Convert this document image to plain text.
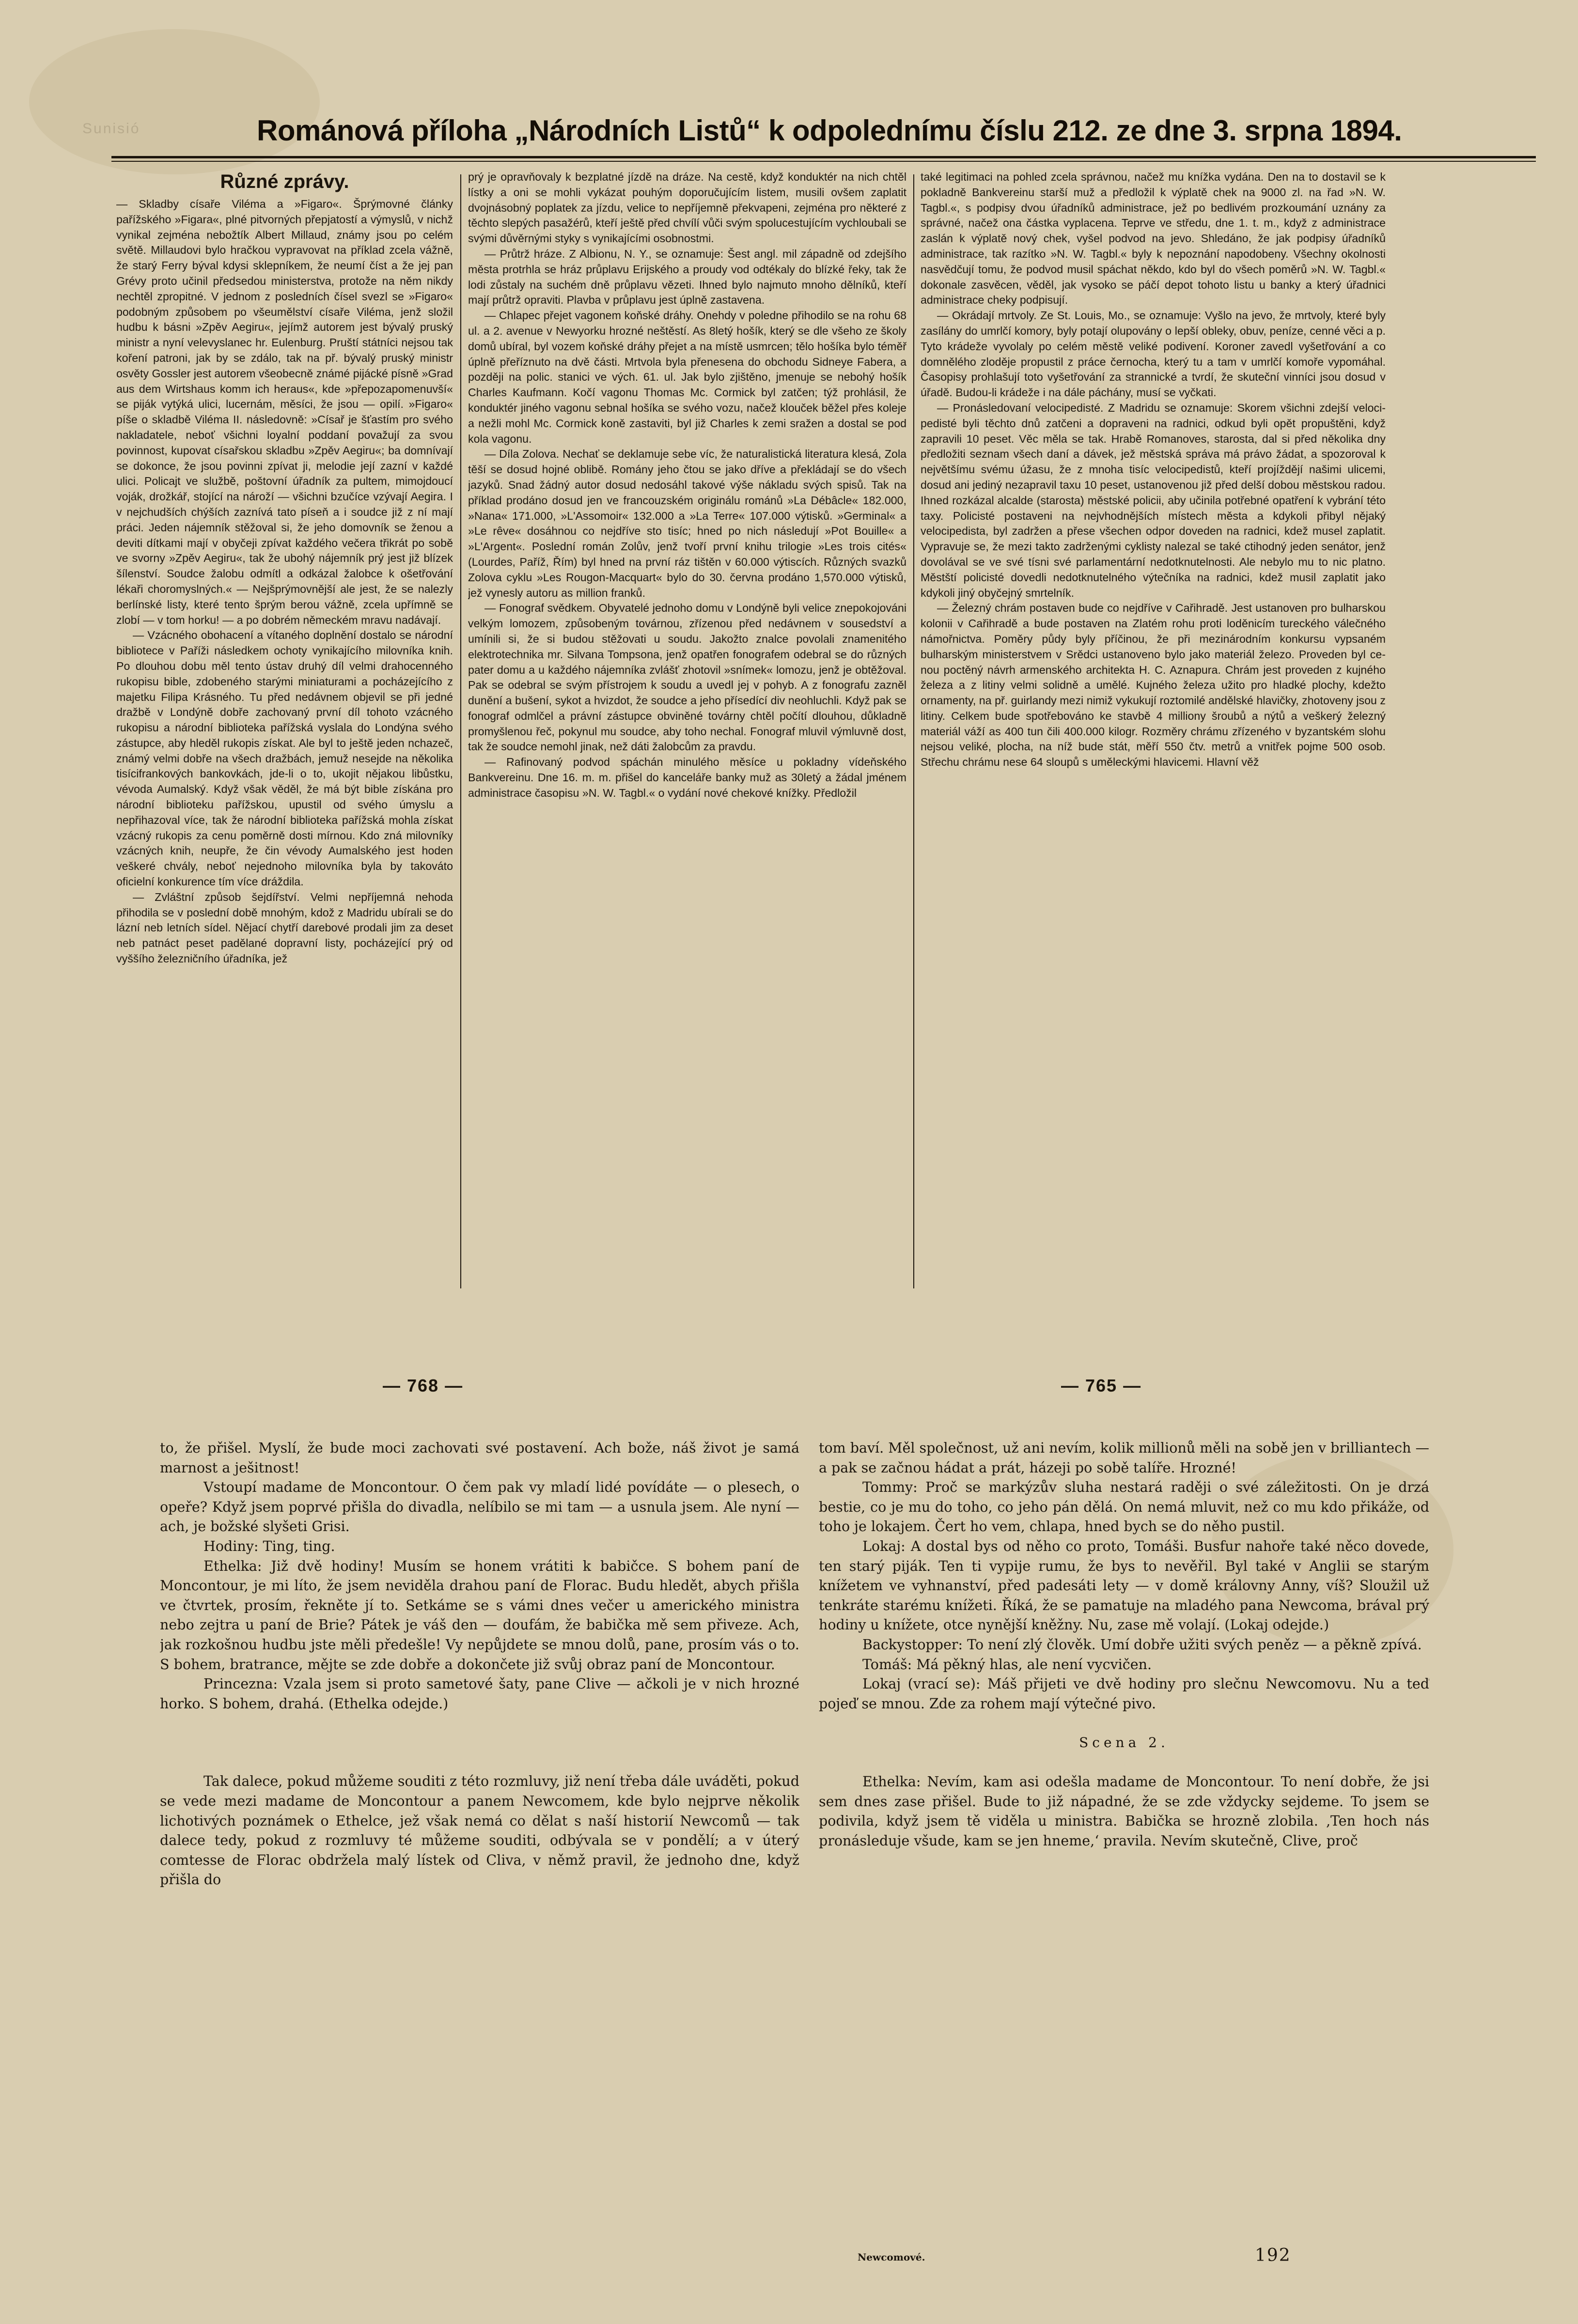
Sunisió	Románová příloha „Národních Listů“ k odpolednímu číslu 212. ze dne 3. srpna 1894.
Různé zprávy.

— Skladby císaře Viléma a »Figaro«. Šprýmovné články pařížského »Figara«, plné pitvorných přepjatostí a výmyslů, v nichž vynikal zejména nebožtík Albert Millaud, známy jsou po celém světě. Millaudovi bylo hračkou vypravovat na příklad zcela vážně, že starý Ferry býval kdysi sklepníkem, že neumí číst a že jej pan Grévy proto učinil předsedou ministerstva, protože na něm nikdy nechtěl zpropitné. V jednom z posledních čísel svezl se »Figaro« podobným způsobem po všeumělství císaře Viléma, jenž složil hudbu k básni »Zpěv Aegiru«, jejímž autorem jest bývalý pruský ministr a nyní velevyslanec hr. Eulenburg. Pruští státníci nejsou tak koření patroni, jak by se zdálo, tak na př. bývalý pruský ministr osvěty Gossler jest autorem všeobecně známé pijácké písně »Grad aus dem Wirtshaus komm ich heraus«, kde »přepozapomenuvší« se piják vytýká ulici, lucernám, měsíci, že jsou — opilí. »Figaro« píše o skladbě Viléma II. následovně: »Císař je šťastím pro svého nakladatele, neboť všichni loyalní poddaní považují za svou povinnost, kupovat císařskou skladbu »Zpěv Aegiru«; ba domnívají se dokonce, že jsou povinni zpívat ji, melodie její zazní v každé ulici. Policajt ve službě, poštovní úřadník za pultem, mimojdoucí voják, drožkář, stojící na nároží — všichni bzučíce vzývají Aegira. I v nejchudších chýších zaznívá tato píseň a i soudce již z ní mají práci. Jeden nájemník stěžoval si, že jeho domovník se ženou a deviti dítkami mají v obyčeji zpívat každého večera třikrát po sobě ve svorny »Zpěv Aegiru«, tak že ubohý nájemník prý jest již blízek šílenství. Soudce žalobu odmítl a odkázal žalobce k ošetřování lékaři choromyslných.« — Nejšprýmovnější ale jest, že se nalezly berlínské listy, které tento šprým berou vážně, zcela upřímně se zlobí — v tom horku! — a po dobrém německém mravu nadávají.

— Vzácného obohacení a vítaného doplnění dostalo se národní bibliotece v Paříži následkem ochoty vynikajícího milovníka knih. Po dlouhou dobu měl tento ústav druhý díl velmi drahocenného rukopisu bible, zdobeného starými miniaturami a pocházejícího z majetku Filipa Krásného. Tu před nedávnem objevil se při jedné dražbě v Londýně dobře zachovaný první díl tohoto vzácného rukopisu a národní biblioteka pařížská vyslala do Londýna svého zástupce, aby hleděl rukopis získat. Ale byl to ještě jeden nchazeč, známý velmi dobře na všech dražbách, jemuž nesejde na několika tisícifrankových bankovkách, jde-li o to, ukojit nějakou libůstku, vévoda Aumalský. Když však věděl, že má být bible získána pro národní biblioteku pařížskou, upustil od svého úmyslu a nepřihazoval více, tak že národní biblioteka pařížská mohla získat vzácný rukopis za cenu poměrně dosti mírnou. Kdo zná milovníky vzácných knih, neupře, že čin vévody Aumalského jest hoden veškeré chvály, neboť nejednoho milovníka byla by takováto oficielní konkurence tím více dráždila.

— Zvláštní způsob šejdířství. Velmi nepříjemná nehoda přihodila se v poslední době mnohým, kdož z Madridu ubírali se do lázní neb letních sídel. Nějací chytří darebové prodali jim za deset neb patnáct peset padělané dopravní listy, pocházející prý od vyššího železničního úřadníka, jež

prý je opravňovaly k bezplatné jízdě na dráze. Na cestě, když konduktér na nich chtěl lístky a oni se mohli vykázat pouhým doporučujícím listem, musili ovšem zaplatit dvojnásobný poplatek za jízdu, velice to nepříjemně překvapeni, zejména pro některé z těchto slepých pasažérů, kteří ještě před chvílí vůči svým spolucestujícím vychloubali se svými důvěrnými styky s vynikajícími osobnostmi.

— Průtrž hráze. Z Albionu, N. Y., se oznamuje: Šest angl. mil západně od zdejšího města protrhla se hráz průplavu Erijského a proudy vod odtékaly do blízké řeky, tak že lodi zůstaly na suchém dně průplavu vězeti. Ihned bylo najmuto mnoho dělníků, kteří mají průtrž opraviti. Plavba v průplavu jest úplně zastavena.

— Chlapec přejet vagonem koňské dráhy. Onehdy v poledne přihodilo se na rohu 68 ul. a 2. avenue v Newyorku hrozné neštěstí. As 8letý hošík, který se dle všeho ze školy domů ubíral, byl vozem koňské dráhy přejet a na místě usmrcen; tělo hošíka bylo téměř úplně přeříznuto na dvě části. Mrtvola byla přenesena do obchodu Sidneye Fabera, a později na polic. stanici ve vých. 61. ul. Jak bylo zjištěno, jmenuje se nebohý hošík Charles Kaufmann. Kočí vagonu Thomas Mc. Cormick byl zatčen; týž prohlásil, že konduktér jiného vagonu sebnal hošíka se svého vozu, načež klouček běžel přes koleje a nežli mohl Mc. Cormick koně zastaviti, byl již Charles k zemi sražen a dostal se pod kola vagonu.

— Díla Zolova. Nechať se deklamuje sebe víc, že naturalistická literatura klesá, Zola těší se dosud hojné oblibě. Romány jeho čtou se jako dříve a překládají se do všech jazyků. Snad žádný autor dosud nedosáhl takové výše nákladu svých spisů. Tak na příklad prodáno dosud jen ve francouzském originálu románů »La Débâcle« 182.000, »Nana« 171.000, »L'Assomoir« 132.000 a »La Terre« 107.000 výtisků. »Germinal« a »Le rêve« dosáhnou co nejdříve sto tisíc; hned po nich následují »Pot Bouille« a »L'Argent«. Poslední román Zolův, jenž tvoří první knihu trilogie »Les trois cités« (Lourdes, Paříž, Řím) byl hned na první ráz tištěn v 60.000 výtiscích. Různých svazků Zolova cyklu »Les Rougon-Macquart« bylo do 30. června prodáno 1,570.000 výtisků, jež vynesly autoru as million franků.

— Fonograf svědkem. Obyvatelé jednoho domu v Londýně byli velice znepokojováni velkým lomozem, způsobeným továrnou, zřízenou před nedávnem v sousedství a umínili si, že si budou stěžovati u soudu. Jakožto znalce povolali znamenitého elektrotechnika mr. Silvana Tompsona, jenž opatřen fonografem odebral se do různých pater domu a u každého nájemníka zvlášť zhotovil »snímek« lomozu, jenž je obtěžoval. Pak se odebral se svým přístrojem k soudu a uvedl jej v pohyb. A z fonografu zazněl dunění a bušení, sykot a hvizdot, že soudce a jeho přísedící div neohluchli. Když pak se fonograf odmlčel a právní zástupce obviněné továrny chtěl počítí dlouhou, důkladně promyšlenou řeč, pokynul mu soudce, aby toho nechal. Fonograf mluvil výmluvně dost, tak že soudce nemohl jinak, než dáti žalobcům za pravdu.

— Rafinovaný podvod spáchán minulého měsíce u pokladny vídeňského Bankvereinu. Dne 16. m. m. přišel do kanceláře banky muž as 30letý a žádal jménem administrace časopisu »N. W. Tagbl.« o vydání nové chekové knížky. Předložil

také legitimaci na pohled zcela správnou, načež mu knížka vydána. Den na to dostavil se k pokladně Bankvereinu starší muž a předložil k výplatě chek na 9000 zl. na řad »N. W. Tagbl.«, s podpisy dvou úřadníků administrace, jež po bedlivém prozkoumání uznány za správné, načež ona částka vyplacena. Teprve ve středu, dne 1. t. m., když z administrace zaslán k výplatě nový chek, vyšel podvod na jevo. Shledáno, že jak podpisy úřadníků administrace, tak razítko »N. W. Tagbl.« byly k nepoznání napodobeny. Všechny okolnosti nasvědčují tomu, že podvod musil spáchat někdo, kdo byl do všech poměrů »N. W. Tagbl.« dokonale zasvěcen, věděl, jak vysoko se páčí depot tohoto listu u banky a který úřadnici administrace cheky podpisují.

— Okrádají mrtvoly. Ze St. Louis, Mo., se oznamuje: Vyšlo na jevo, že mrtvoly, které byly zasílány do umrlčí komory, byly potají olupovány o lepší obleky, obuv, peníze, cenné věci a p. Tyto krádeže vyvolaly po celém městě veliké podivení. Koroner zavedl vyšetřování a co domnělého zloděje propustil z práce černocha, který tu a tam v umrlčí komoře vypomáhal. Časopisy prohlašují toto vyšetřování za strannické a tvrdí, že skuteční vinníci jsou dosud v úřadě. Budou-li krádeže i na dále páchány, musí se vyčkati.

— Pronásledovaní velocipedisté. Z Madridu se oznamuje: Skorem všichni zdejší velocipedisté byli těchto dnů zatčeni a dopraveni na radnici, odkud byli opět propuštěni, když zapravili 10 peset. Věc měla se tak. Hrabě Romanoves, starosta, dal si před několika dny předložiti seznam všech daní a dávek, jež městská správa má právo žádat, a spozoroval k největšímu svému úžasu, že z mnoha tisíc velocipedistů, kteří projíždějí našimi ulicemi, dosud ani jediný nezapravil taxu 10 peset, ustanovenou již před delší dobou městskou radou. Ihned rozkázal alcalde (starosta) městské policii, aby učinila potřebné opatření k vybrání této taxy. Policisté postaveni na nejvhodnějších místech města a kdykoli přibyl nějaký velocipedista, byl zadržen a přese všechen odpor doveden na radnici, kdež musel zaplatit. Vypravuje se, že mezi takto zadrženými cyklisty nalezal se také ctihodný jeden senátor, jenž dovolával se ve své tísni své parlamentární nedotknutelnosti. Ale nebylo mu to nic platno. Městští policisté dovedli nedotknutelného výtečníka na radnici, kdež musil zaplatit jako kdykoli jiný obyčejný smrtelník.

— Železný chrám postaven bude co nejdříve v Cařihradě. Jest ustanoven pro bulharskou kolonii v Cařihradě a bude postaven na Zlatém rohu proti loděnicím tureckého válečného námořnictva. Poměry půdy byly příčinou, že při mezinárodním konkursu vypsaném bulharským ministerstvem v Srědci ustanoveno bylo jako materiál železo. Proveden byl cenou poctěný návrh armenského architekta H. C. Aznapura. Chrám jest proveden z kujného železa a z litiny velmi solidně a umělé. Kujného železa užito pro hladké plochy, kdežto ornamenty, na př. guirlandy mezi nimiž vykukují roztomilé andělské hlavičky, zhotoveny jsou z litiny. Celkem bude spotřebováno ke stavbě 4 milliony šroubů a nýtů a veškerý železný materiál váží as 400 tun čili 400.000 kilogr. Rozměry chrámu zřízeného v byzantském slohu nejsou veliké, plocha, na níž bude stát, měří 550 čtv. metrů a vnitřek pojme 500 osob. Střechu chrámu nese 64 sloupů s uměleckými hlavicemi. Hlavní věž

— 768 —	— 765 —

to, že přišel. Myslí, že bude moci zachovati své postavení. Ach bože, náš život je samá marnost a ješitnost!

Vstoupí madame de Moncontour. O čem pak vy mladí lidé povídáte — o plesech, o opeře? Když jsem poprvé přišla do divadla, nelíbilo se mi tam — a usnula jsem. Ale nyní — ach, je božské slyšeti Grisi.

Hodiny: Ting, ting.

Ethelka: Již dvě hodiny! Musím se honem vrátiti k babičce. S bohem paní de Moncontour, je mi líto, že jsem neviděla drahou paní de Florac. Budu hledět, abych přišla ve čtvrtek, prosím, řekněte jí to. Setkáme se s vámi dnes večer u amerického ministra nebo zejtra u paní de Brie? Pátek je váš den — doufám, že babička mě sem přiveze. Ach, jak rozkošnou hudbu jste měli předešle! Vy nepůjdete se mnou dolů, pane, prosím vás o to. S bohem, bratrance, mějte se zde dobře a dokončete již svůj obraz paní de Moncontour.

Princezna: Vzala jsem si proto sametové šaty, pane Clive — ačkoli je v nich hrozné horko. S bohem, drahá. (Ethelka odejde.)

Tak dalece, pokud můžeme souditi z této rozmluvy, již není třeba dále uváděti, pokud se vede mezi madame de Moncontour a panem Newcomem, kde bylo nejprve několik lichotivých poznámek o Ethelce, jež však nemá co dělat s naší historií Newcomů — tak dalece tedy, pokud z rozmluvy té můžeme souditi, odbývala se v pondělí; a v úterý comtesse de Florac obdržela malý lístek od Cliva, v němž pravil, že jednoho dne, když přišla do

tom baví. Měl společnost, už ani nevím, kolik millionů měli na sobě jen v brilliantech — a pak se začnou hádat a prát, házeji po sobě talíře. Hrozné!

Tommy: Proč se markýzův sluha nestará raději o své záležitosti. On je drzá bestie, co je mu do toho, co jeho pán dělá. On nemá mluvit, než co mu kdo přikáže, od toho je lokajem. Čert ho vem, chlapa, hned bych se do něho pustil.

Lokaj: A dostal bys od něho co proto, Tomáši. Busfur nahoře také něco dovede, ten starý piják. Ten ti vypije rumu, že bys to nevěřil. Byl také v Anglii se starým knížetem ve vyhnanství, před padesáti lety — v domě královny Anny, víš? Sloužil už tenkráte starému knížeti. Říká, že se pamatuje na mladého pana Newcoma, brával prý hodiny u knížete, otce nynější kněžny. Nu, zase mě volají. (Lokaj odejde.)

Backystopper: To není zlý člověk. Umí dobře užiti svých peněz — a pěkně zpívá.

Tomáš: Má pěkný hlas, ale není vycvičen.

Lokaj (vrací se): Máš přijeti ve dvě hodiny pro slečnu Newcomovu. Nu a teď pojeď se mnou. Zde za rohem mají výtečné pivo.

Scena 2.

Ethelka: Nevím, kam asi odešla madame de Moncontour. To není dobře, že jsi sem dnes zase přišel. Bude to již nápadné, že se zde vždycky sejdeme. To jsem se podivila, když jsem tě viděla u ministra. Babička se hrozně zlobila. ‚Ten hoch nás pronásleduje všude, kam se jen hneme,‘ pravila. Nevím skutečně, Clive, proč

Newcomové.	192
